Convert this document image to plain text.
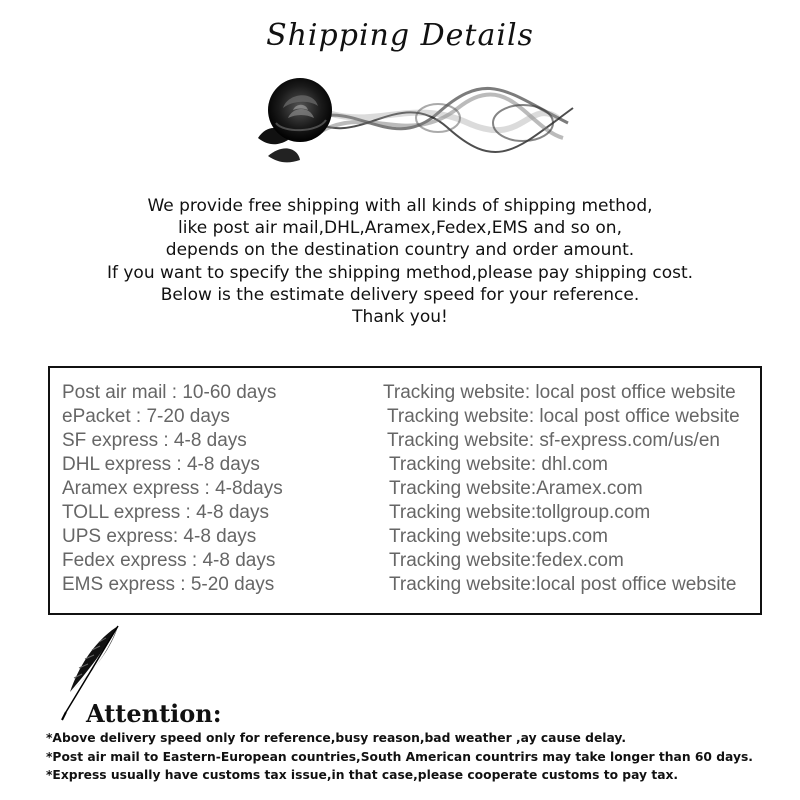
Shipping Details
We provide free shipping with all kinds of shipping method,
like post air mail,DHL,Aramex,Fedex,EMS and so on,
depends on the destination country and order amount.
If you want to specify the shipping method,please pay shipping cost.
Below is the estimate delivery speed for your reference.
Thank you!
Post air mail : 10-60 days	Tracking website: local post office website
ePacket : 7-20 days	Tracking website: local post office website
SF express : 4-8 days	Tracking website: sf-express.com/us/en
DHL express : 4-8 days	Tracking website: dhl.com
Aramex express : 4-8days	Tracking website:Aramex.com
TOLL express : 4-8 days	Tracking website:tollgroup.com
UPS express: 4-8 days	Tracking website:ups.com
Fedex express : 4-8 days	Tracking website:fedex.com
EMS express : 5-20 days	Tracking website:local post office website
Attention:
*Above delivery speed only for reference,busy reason,bad weather ,ay cause delay.
*Post air mail to Eastern-European countries,South American countrirs may take longer than 60 days.
*Express usually have customs tax issue,in that case,please cooperate customs to pay tax.
